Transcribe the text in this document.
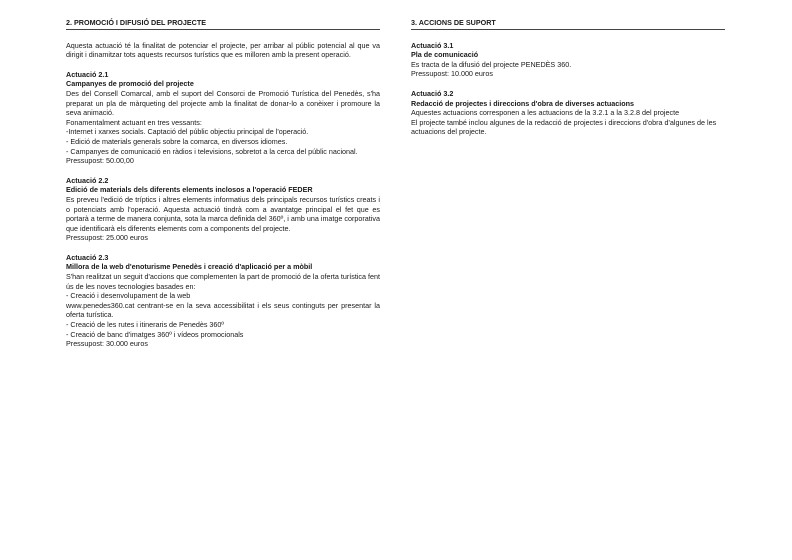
2. PROMOCIÓ I DIFUSIÓ DEL PROJECTE

Aquesta actuació té la finalitat de potenciar el projecte, per arribar al públic potencial al que va dirigit i dinamitzar tots aquests recursos turístics que es milloren amb la present operació.

Actuació 2.1

Campanyes de promoció del projecte

Des del Consell Comarcal, amb el suport del Consorci de Promoció Turística del Penedès, s'ha preparat un pla de màrqueting del projecte amb la finalitat de donar-lo a conèixer i promoure la seva animació.

Fonamentalment actuant en tres vessants:

-Internet i xarxes socials. Captació del públic objectiu principal de l'operació.

- Edició de materials generals sobre la comarca, en diversos idiomes.

- Campanyes de comunicació en ràdios i televisions, sobretot a la cerca del públic nacional.

Pressupost: 50.00,00

Actuació 2.2

Edició de materials dels diferents elements inclosos a l'operació FEDER

Es preveu l'edició de tríptics i altres elements informatius dels principals recursos turístics creats i o potenciats amb l'operació. Aquesta actuació tindrà com a avantatge principal el fet que es portarà a terme de manera conjunta, sota la marca definida del 360º, i amb una imatge corporativa que identificarà els diferents elements com a components del projecte.

Pressupost: 25.000 euros

Actuació 2.3

Millora de la web d'enoturisme Penedès i creació d'aplicació per a mòbil

S'han realitzat un seguit d'accions que complementen la part de promoció de la oferta turística fent ús de les noves tecnologies basades en:

- Creació i desenvolupament de la web

www.penedes360.cat centrant-se en la seva accessibilitat i els seus continguts per presentar la oferta turística.

- Creació de les rutes i itineraris de Penedès 360º

- Creació de banc d'imatges 360º i vídeos promocionals

Pressupost: 30.000 euros

3. ACCIONS DE SUPORT

Actuació 3.1

Pla de comunicació

Es tracta de la difusió del projecte PENEDÈS 360.

Pressupost: 10.000 euros

Actuació 3.2

Redacció de projectes i direccions d'obra de diverses actuacions

Aquestes actuacions corresponen a les actuacions de la 3.2.1 a la 3.2.8 del projecte

El projecte també inclou algunes de la redacció de projectes i direccions d'obra d'algunes de les actuacions del projecte.
